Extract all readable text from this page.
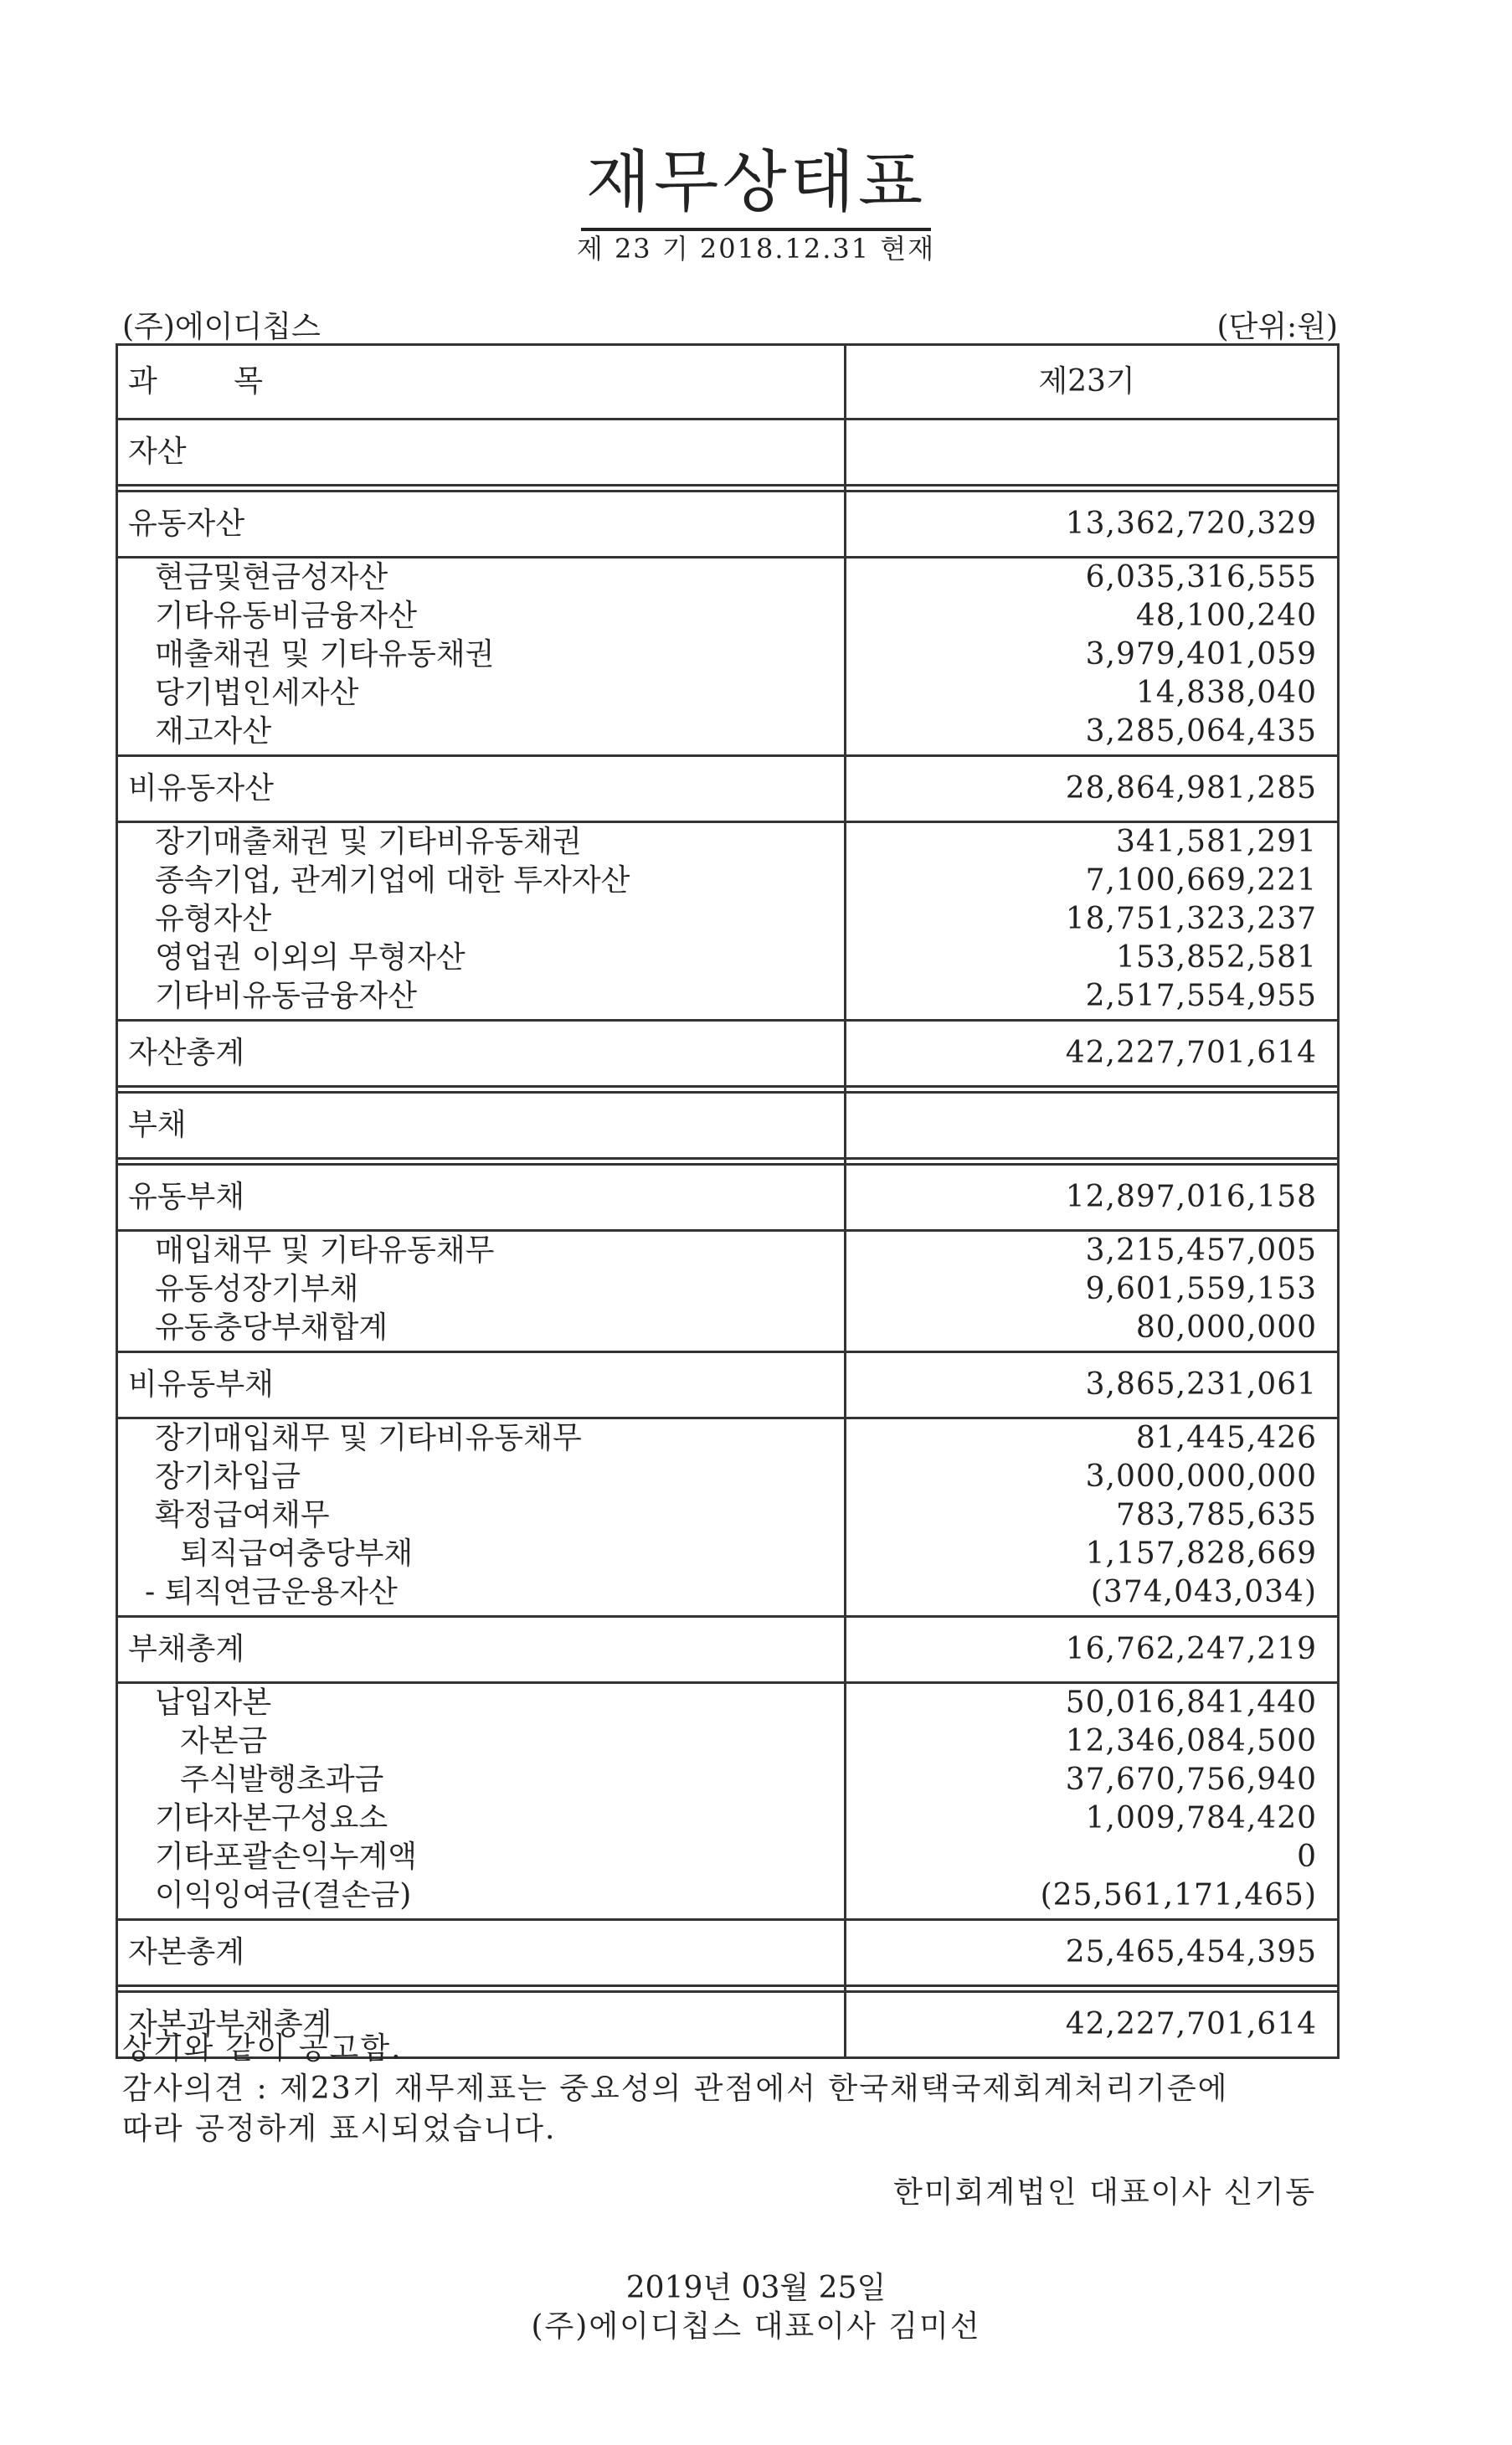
재무상태표
제 23 기 2018.12.31 현재
(주)에이디칩스	(단위:원)
과 목	제23기
자산	

유동자산	13,362,720,329
현금및현금성자산	6,035,316,555
기타유동비금융자산	48,100,240
매출채권 및 기타유동채권	3,979,401,059
당기법인세자산	14,838,040
재고자산	3,285,064,435

비유동자산	28,864,981,285
장기매출채권 및 기타비유동채권	341,581,291
종속기업, 관계기업에 대한 투자자산	7,100,669,221
유형자산	18,751,323,237
영업권 이외의 무형자산	153,852,581
기타비유동금융자산	2,517,554,955

자산총계	42,227,701,614

부채	

유동부채	12,897,016,158
매입채무 및 기타유동채무	3,215,457,005
유동성장기부채	9,601,559,153
유동충당부채합계	80,000,000

비유동부채	3,865,231,061
장기매입채무 및 기타비유동채무	81,445,426
장기차입금	3,000,000,000
확정급여채무	783,785,635
퇴직급여충당부채	1,157,828,669
- 퇴직연금운용자산	(374,043,034)

부채총계	16,762,247,219
납입자본	50,016,841,440
자본금	12,346,084,500
주식발행초과금	37,670,756,940
기타자본구성요소	1,009,784,420
기타포괄손익누계액	0
이익잉여금(결손금)	(25,561,171,465)

자본총계	25,465,454,395

자본과부채총계	42,227,701,614
상기와 같이 공고함.
감사의견 : 제23기 재무제표는 중요성의 관점에서 한국채택국제회계처리기준에
따라 공정하게 표시되었습니다.
한미회계법인 대표이사 신기동
2019년 03월 25일
(주)에이디칩스 대표이사 김미선
